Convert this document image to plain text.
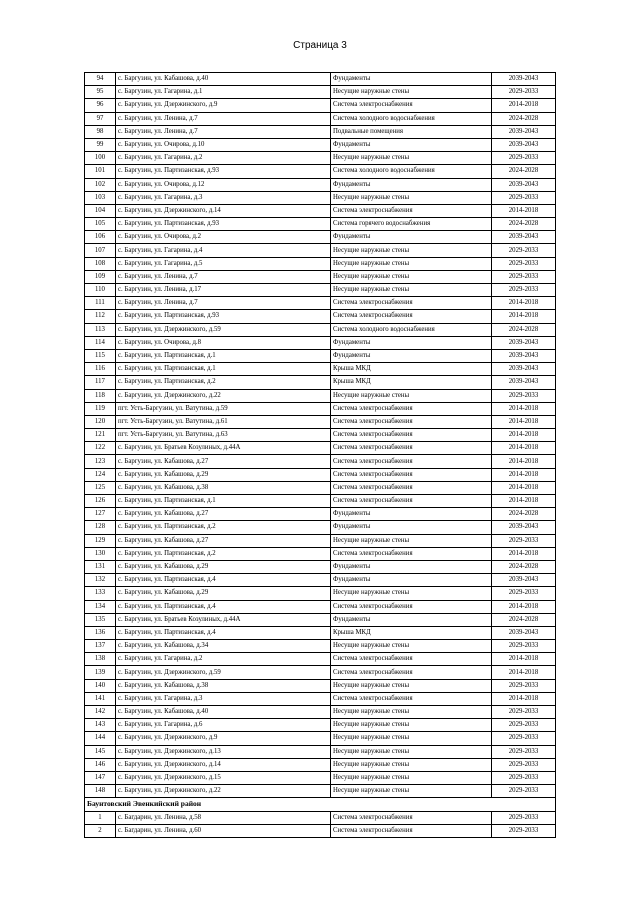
Страница 3
94	с. Баргузин, ул. Кабашова, д.40	Фундаменты	2039-2043
95	с. Баргузин, ул. Гагарина, д.1	Несущие наружные стены	2029-2033
96	с. Баргузин, ул. Дзержинского, д.9	Система электроснабжения	2014-2018
97	с. Баргузин, ул. Ленина, д.7	Система холодного водоснабжения	2024-2028
98	с. Баргузин, ул. Ленина, д.7	Подвальные помещения	2039-2043
99	с. Баргузин, ул. Очирова, д.10	Фундаменты	2039-2043
100	с. Баргузин, ул. Гагарина, д.2	Несущие наружные стены	2029-2033
101	с. Баргузин, ул. Партизанская, д.93	Система холодного водоснабжения	2024-2028
102	с. Баргузин, ул. Очирова, д.12	Фундаменты	2039-2043
103	с. Баргузин, ул. Гагарина, д.3	Несущие наружные стены	2029-2033
104	с. Баргузин, ул. Дзержинского, д.14	Система электроснабжения	2014-2018
105	с. Баргузин, ул. Партизанская, д.93	Система горячего водоснабжения	2024-2028
106	с. Баргузин, ул. Очирова, д.2	Фундаменты	2039-2043
107	с. Баргузин, ул. Гагарина, д.4	Несущие наружные стены	2029-2033
108	с. Баргузин, ул. Гагарина, д.5	Несущие наружные стены	2029-2033
109	с. Баргузин, ул. Ленина, д.7	Несущие наружные стены	2029-2033
110	с. Баргузин, ул. Ленина, д.17	Несущие наружные стены	2029-2033
111	с. Баргузин, ул. Ленина, д.7	Система электроснабжения	2014-2018
112	с. Баргузин, ул. Партизанская, д.93	Система электроснабжения	2014-2018
113	с. Баргузин, ул. Дзержинского, д.59	Система холодного водоснабжения	2024-2028
114	с. Баргузин, ул. Очирова, д.8	Фундаменты	2039-2043
115	с. Баргузин, ул. Партизанская, д.1	Фундаменты	2039-2043
116	с. Баргузин, ул. Партизанская, д.1	Крыша МКД	2039-2043
117	с. Баргузин, ул. Партизанская, д.2	Крыша МКД	2039-2043
118	с. Баргузин, ул. Дзержинского, д.22	Несущие наружные стены	2029-2033
119	пгт. Усть-Баргузин, ул. Ватутина, д.59	Система электроснабжения	2014-2018
120	пгт. Усть-Баргузин, ул. Ватутина, д.61	Система электроснабжения	2014-2018
121	пгт. Усть-Баргузин, ул. Ватутина, д.63	Система электроснабжения	2014-2018
122	с. Баргузин, ул. Братьев Козулиных, д.44А	Система электроснабжения	2014-2018
123	с. Баргузин, ул. Кабашова, д.27	Система электроснабжения	2014-2018
124	с. Баргузин, ул. Кабашова, д.29	Система электроснабжения	2014-2018
125	с. Баргузин, ул. Кабашова, д.38	Система электроснабжения	2014-2018
126	с. Баргузин, ул. Партизанская, д.1	Система электроснабжения	2014-2018
127	с. Баргузин, ул. Кабашова, д.27	Фундаменты	2024-2028
128	с. Баргузин, ул. Партизанская, д.2	Фундаменты	2039-2043
129	с. Баргузин, ул. Кабашова, д.27	Несущие наружные стены	2029-2033
130	с. Баргузин, ул. Партизанская, д.2	Система электроснабжения	2014-2018
131	с. Баргузин, ул. Кабашова, д.29	Фундаменты	2024-2028
132	с. Баргузин, ул. Партизанская, д.4	Фундаменты	2039-2043
133	с. Баргузин, ул. Кабашова, д.29	Несущие наружные стены	2029-2033
134	с. Баргузин, ул. Партизанская, д.4	Система электроснабжения	2014-2018
135	с. Баргузин, ул. Братьев Козулиных, д.44А	Фундаменты	2024-2028
136	с. Баргузин, ул. Партизанская, д.4	Крыша МКД	2039-2043
137	с. Баргузин, ул. Кабашова, д.34	Несущие наружные стены	2029-2033
138	с. Баргузин, ул. Гагарина, д.2	Система электроснабжения	2014-2018
139	с. Баргузин, ул. Дзержинского, д.59	Система электроснабжения	2014-2018
140	с. Баргузин, ул. Кабашова, д.38	Несущие наружные стены	2029-2033
141	с. Баргузин, ул. Гагарина, д.3	Система электроснабжения	2014-2018
142	с. Баргузин, ул. Кабашова, д.40	Несущие наружные стены	2029-2033
143	с. Баргузин, ул. Гагарина, д.6	Несущие наружные стены	2029-2033
144	с. Баргузин, ул. Дзержинского, д.9	Несущие наружные стены	2029-2033
145	с. Баргузин, ул. Дзержинского, д.13	Несущие наружные стены	2029-2033
146	с. Баргузин, ул. Дзержинского, д.14	Несущие наружные стены	2029-2033
147	с. Баргузин, ул. Дзержинского, д.15	Несущие наружные стены	2029-2033
148	с. Баргузин, ул. Дзержинского, д.22	Несущие наружные стены	2029-2033
Баунтовский Эвенкийский район			
1	с. Багдарин, ул. Ленина, д.58	Система электроснабжения	2029-2033
2	с. Багдарин, ул. Ленина, д.60	Система электроснабжения	2029-2033
